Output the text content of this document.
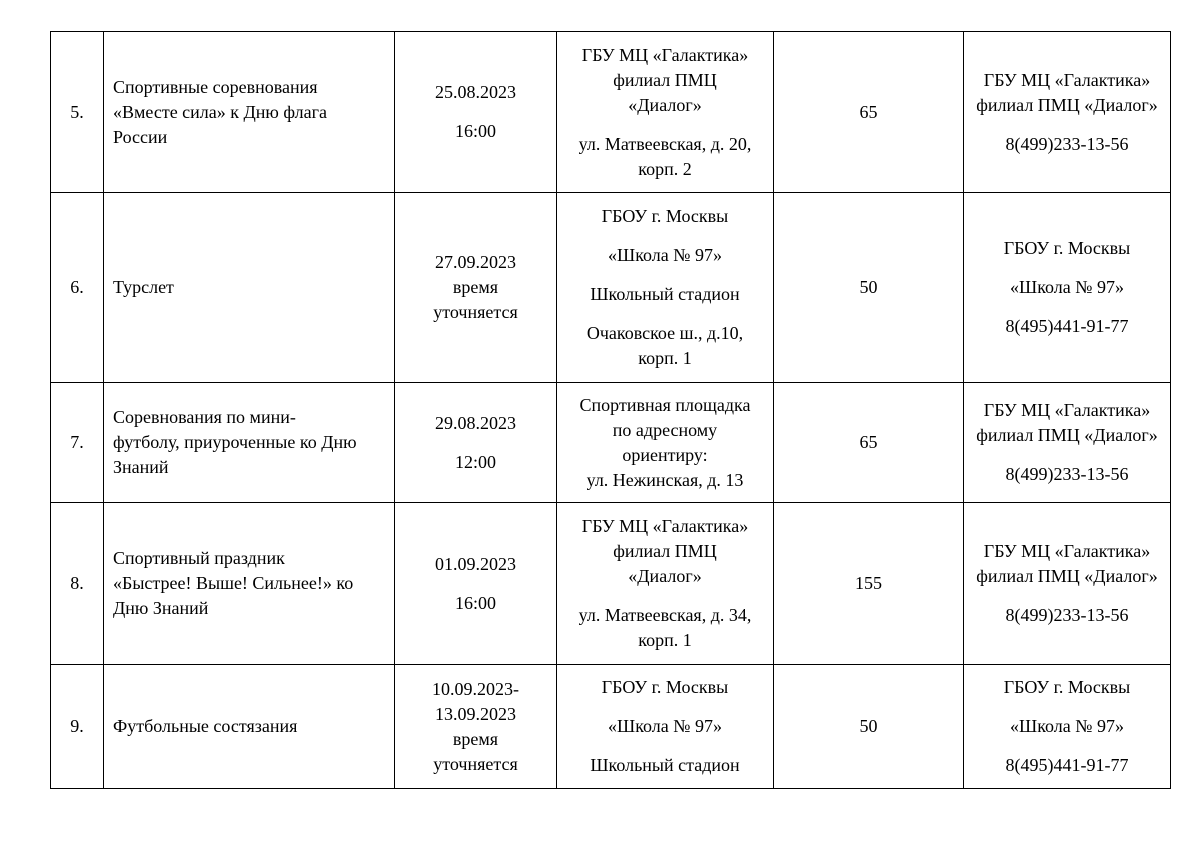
5.	Спортивные соревнования
«Вместе сила» к Дню флага
России	25.08.2023
16:00	ГБУ МЦ «Галактика»
филиал ПМЦ
«Диалог»
ул. Матвеевская, д. 20,
корп. 2	65	ГБУ МЦ «Галактика»
филиал ПМЦ «Диалог»
8(499)233-13-56

6.	Турслет	27.09.2023
время
уточняется	ГБОУ г. Москвы
«Школа № 97»
Школьный стадион
Очаковское ш., д.10,
корп. 1	50	ГБОУ г. Москвы
«Школа № 97»
8(495)441-91-77

7.	Соревнования по мини-
футболу, приуроченные ко Дню
Знаний	29.08.2023
12:00	Спортивная площадка
по адресному
ориентиру:
ул. Нежинская, д. 13	65	ГБУ МЦ «Галактика»
филиал ПМЦ «Диалог»
8(499)233-13-56

8.	Спортивный праздник
«Быстрее! Выше! Сильнее!» ко
Дню Знаний	01.09.2023
16:00	ГБУ МЦ «Галактика»
филиал ПМЦ
«Диалог»
ул. Матвеевская, д. 34,
корп. 1	155	ГБУ МЦ «Галактика»
филиал ПМЦ «Диалог»
8(499)233-13-56

9.	Футбольные состязания	10.09.2023-
13.09.2023
время
уточняется	ГБОУ г. Москвы
«Школа № 97»
Школьный стадион	50	ГБОУ г. Москвы
«Школа № 97»
8(495)441-91-77
